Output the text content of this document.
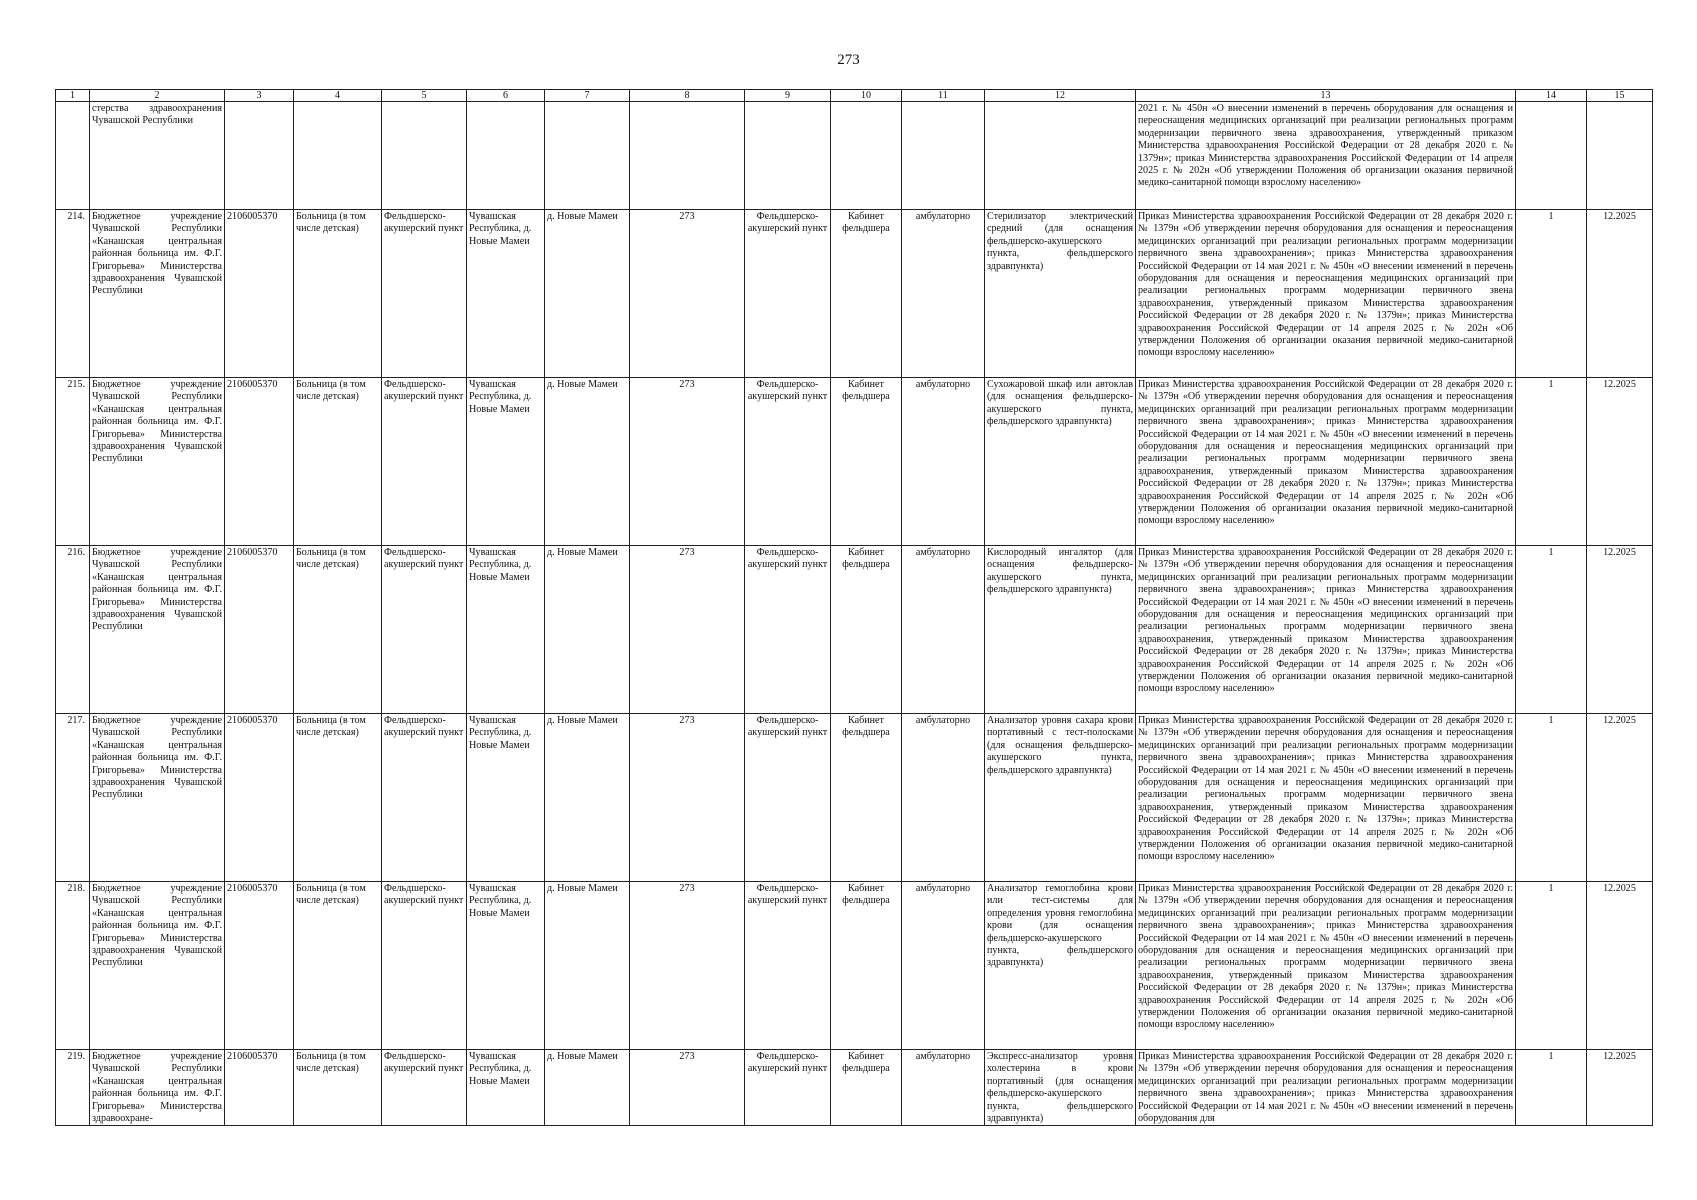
273
1	2	3	4	5	6	7	8	9	10	11	12	13	14	15
	стерства здравоохранения Чувашской Республики											2021 г. № 450н «О внесении изменений в перечень оборудования для оснащения и переоснащения медицинских организаций при реализации региональных программ модернизации первичного звена здравоохранения, утвержденный приказом Министерства здравоохранения Российской Федерации от 28 декабря 2020 г. № 1379н»; приказ Министерства здравоохранения Российской Федерации от 14 апреля 2025 г. № 202н «Об утверждении Положения об организации оказания первичной медико-санитарной помощи взрослому населению»		
214.	Бюджетное учреждение Чувашской Республики «Канашская центральная районная больница им. Ф.Г. Григорьева» Министерства здравоохранения Чувашской Республики	2106005370	Больница (в том числе детская)	Фельдшерско-акушерский пункт	Чувашская Республика, д. Новые Мамеи	д. Новые Мамеи	273	Фельдшерско-акушерский пункт	Кабинет фельдшера	амбулаторно	Стерилизатор электрический средний (для оснащения фельдшерско-акушерского пункта, фельдшерского здравпункта)	Приказ Министерства здравоохранения Российской Федерации от 28 декабря 2020 г. № 1379н «Об утверждении перечня оборудования для оснащения и переоснащения медицинских организаций при реализации региональных программ модернизации первичного звена здравоохранения»; приказ Министерства здравоохранения Российской Федерации от 14 мая 2021 г. № 450н «О внесении изменений в перечень оборудования для оснащения и переоснащения медицинских организаций при реализации региональных программ модернизации первичного звена здравоохранения, утвержденный приказом Министерства здравоохранения Российской Федерации от 28 декабря 2020 г. № 1379н»; приказ Министерства здравоохранения Российской Федерации от 14 апреля 2025 г. № 202н «Об утверждении Положения об организации оказания первичной медико-санитарной помощи взрослому населению»	1	12.2025
215.	Бюджетное учреждение Чувашской Республики «Канашская центральная районная больница им. Ф.Г. Григорьева» Министерства здравоохранения Чувашской Республики	2106005370	Больница (в том числе детская)	Фельдшерско-акушерский пункт	Чувашская Республика, д. Новые Мамеи	д. Новые Мамеи	273	Фельдшерско-акушерский пункт	Кабинет фельдшера	амбулаторно	Сухожаровой шкаф или автоклав (для оснащения фельдшерско-акушерского пункта, фельдшерского здравпункта)	Приказ Министерства здравоохранения Российской Федерации от 28 декабря 2020 г. № 1379н «Об утверждении перечня оборудования для оснащения и переоснащения медицинских организаций при реализации региональных программ модернизации первичного звена здравоохранения»; приказ Министерства здравоохранения Российской Федерации от 14 мая 2021 г. № 450н «О внесении изменений в перечень оборудования для оснащения и переоснащения медицинских организаций при реализации региональных программ модернизации первичного звена здравоохранения, утвержденный приказом Министерства здравоохранения Российской Федерации от 28 декабря 2020 г. № 1379н»; приказ Министерства здравоохранения Российской Федерации от 14 апреля 2025 г. № 202н «Об утверждении Положения об организации оказания первичной медико-санитарной помощи взрослому населению»	1	12.2025
216.	Бюджетное учреждение Чувашской Республики «Канашская центральная районная больница им. Ф.Г. Григорьева» Министерства здравоохранения Чувашской Республики	2106005370	Больница (в том числе детская)	Фельдшерско-акушерский пункт	Чувашская Республика, д. Новые Мамеи	д. Новые Мамеи	273	Фельдшерско-акушерский пункт	Кабинет фельдшера	амбулаторно	Кислородный ингалятор (для оснащения фельдшерско-акушерского пункта, фельдшерского здравпункта)	Приказ Министерства здравоохранения Российской Федерации от 28 декабря 2020 г. № 1379н «Об утверждении перечня оборудования для оснащения и переоснащения медицинских организаций при реализации региональных программ модернизации первичного звена здравоохранения»; приказ Министерства здравоохранения Российской Федерации от 14 мая 2021 г. № 450н «О внесении изменений в перечень оборудования для оснащения и переоснащения медицинских организаций при реализации региональных программ модернизации первичного звена здравоохранения, утвержденный приказом Министерства здравоохранения Российской Федерации от 28 декабря 2020 г. № 1379н»; приказ Министерства здравоохранения Российской Федерации от 14 апреля 2025 г. № 202н «Об утверждении Положения об организации оказания первичной медико-санитарной помощи взрослому населению»	1	12.2025
217.	Бюджетное учреждение Чувашской Республики «Канашская центральная районная больница им. Ф.Г. Григорьева» Министерства здравоохранения Чувашской Республики	2106005370	Больница (в том числе детская)	Фельдшерско-акушерский пункт	Чувашская Республика, д. Новые Мамеи	д. Новые Мамеи	273	Фельдшерско-акушерский пункт	Кабинет фельдшера	амбулаторно	Анализатор уровня сахара крови портативный с тест-полосками (для оснащения фельдшерско-акушерского пункта, фельдшерского здравпункта)	Приказ Министерства здравоохранения Российской Федерации от 28 декабря 2020 г. № 1379н «Об утверждении перечня оборудования для оснащения и переоснащения медицинских организаций при реализации региональных программ модернизации первичного звена здравоохранения»; приказ Министерства здравоохранения Российской Федерации от 14 мая 2021 г. № 450н «О внесении изменений в перечень оборудования для оснащения и переоснащения медицинских организаций при реализации региональных программ модернизации первичного звена здравоохранения, утвержденный приказом Министерства здравоохранения Российской Федерации от 28 декабря 2020 г. № 1379н»; приказ Министерства здравоохранения Российской Федерации от 14 апреля 2025 г. № 202н «Об утверждении Положения об организации оказания первичной медико-санитарной помощи взрослому населению»	1	12.2025
218.	Бюджетное учреждение Чувашской Республики «Канашская центральная районная больница им. Ф.Г. Григорьева» Министерства здравоохранения Чувашской Республики	2106005370	Больница (в том числе детская)	Фельдшерско-акушерский пункт	Чувашская Республика, д. Новые Мамеи	д. Новые Мамеи	273	Фельдшерско-акушерский пункт	Кабинет фельдшера	амбулаторно	Анализатор гемоглобина крови или тест-системы для определения уровня гемоглобина крови (для оснащения фельдшерско-акушерского пункта, фельдшерского здравпункта)	Приказ Министерства здравоохранения Российской Федерации от 28 декабря 2020 г. № 1379н «Об утверждении перечня оборудования для оснащения и переоснащения медицинских организаций при реализации региональных программ модернизации первичного звена здравоохранения»; приказ Министерства здравоохранения Российской Федерации от 14 мая 2021 г. № 450н «О внесении изменений в перечень оборудования для оснащения и переоснащения медицинских организаций при реализации региональных программ модернизации первичного звена здравоохранения, утвержденный приказом Министерства здравоохранения Российской Федерации от 28 декабря 2020 г. № 1379н»; приказ Министерства здравоохранения Российской Федерации от 14 апреля 2025 г. № 202н «Об утверждении Положения об организации оказания первичной медико-санитарной помощи взрослому населению»	1	12.2025
219.	Бюджетное учреждение Чувашской Республики «Канашская центральная районная больница им. Ф.Г. Григорьева» Министерства здравоохране-	2106005370	Больница (в том числе детская)	Фельдшерско-акушерский пункт	Чувашская Республика, д. Новые Мамеи	д. Новые Мамеи	273	Фельдшерско-акушерский пункт	Кабинет фельдшера	амбулаторно	Экспресс-анализатор уровня холестерина в крови портативный (для оснащения фельдшерско-акушерского пункта, фельдшерского здравпункта)	Приказ Министерства здравоохранения Российской Федерации от 28 декабря 2020 г. № 1379н «Об утверждении перечня оборудования для оснащения и переоснащения медицинских организаций при реализации региональных программ модернизации первичного звена здравоохранения»; приказ Министерства здравоохранения Российской Федерации от 14 мая 2021 г. № 450н «О внесении изменений в перечень оборудования для	1	12.2025
